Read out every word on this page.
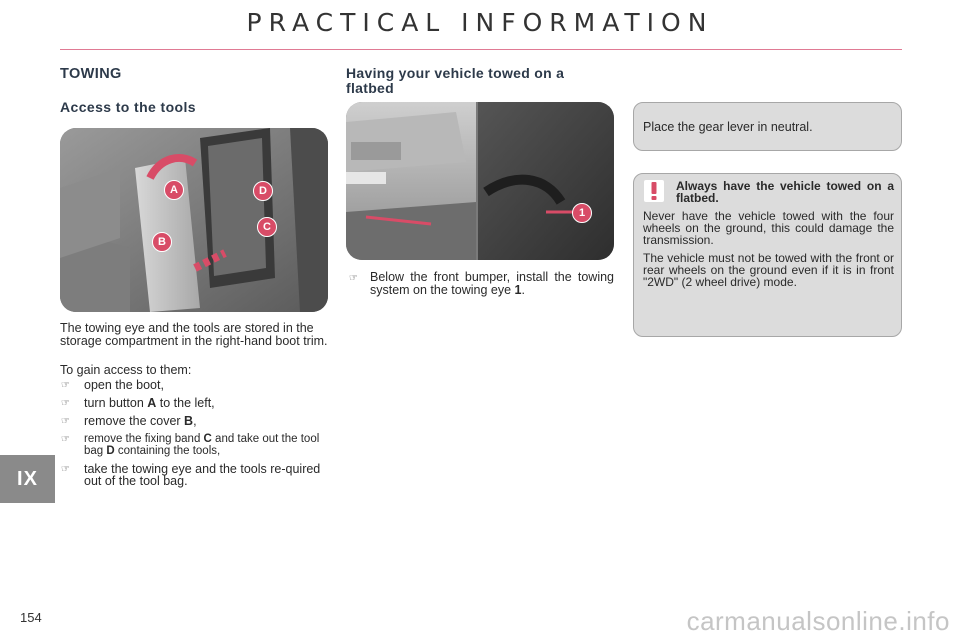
PRACTICAL INFORMATION
TOWING
Access to the tools
A
B
C
D
The towing eye and the tools are stored in the storage compartment in the right-hand boot trim.
To gain access to them:
☞ open the boot,
☞ turn button A to the left,
☞ remove the cover B,
☞ remove the fixing band C and take out the tool bag D containing the tools,
☞ take the towing eye and the tools re-quired out of the tool bag.
Having your vehicle towed on a flatbed
1
☞ Below the front bumper, install the towing system on the towing eye 1.
Place the gear lever in neutral.
Always have the vehicle towed on a flatbed.
Never have the vehicle towed with the four wheels on the ground, this could damage the transmission.
The vehicle must not be towed with the front or rear wheels on the ground even if it is in front "2WD" (2 wheel drive) mode.
IX
154	carmanualsonline.info
